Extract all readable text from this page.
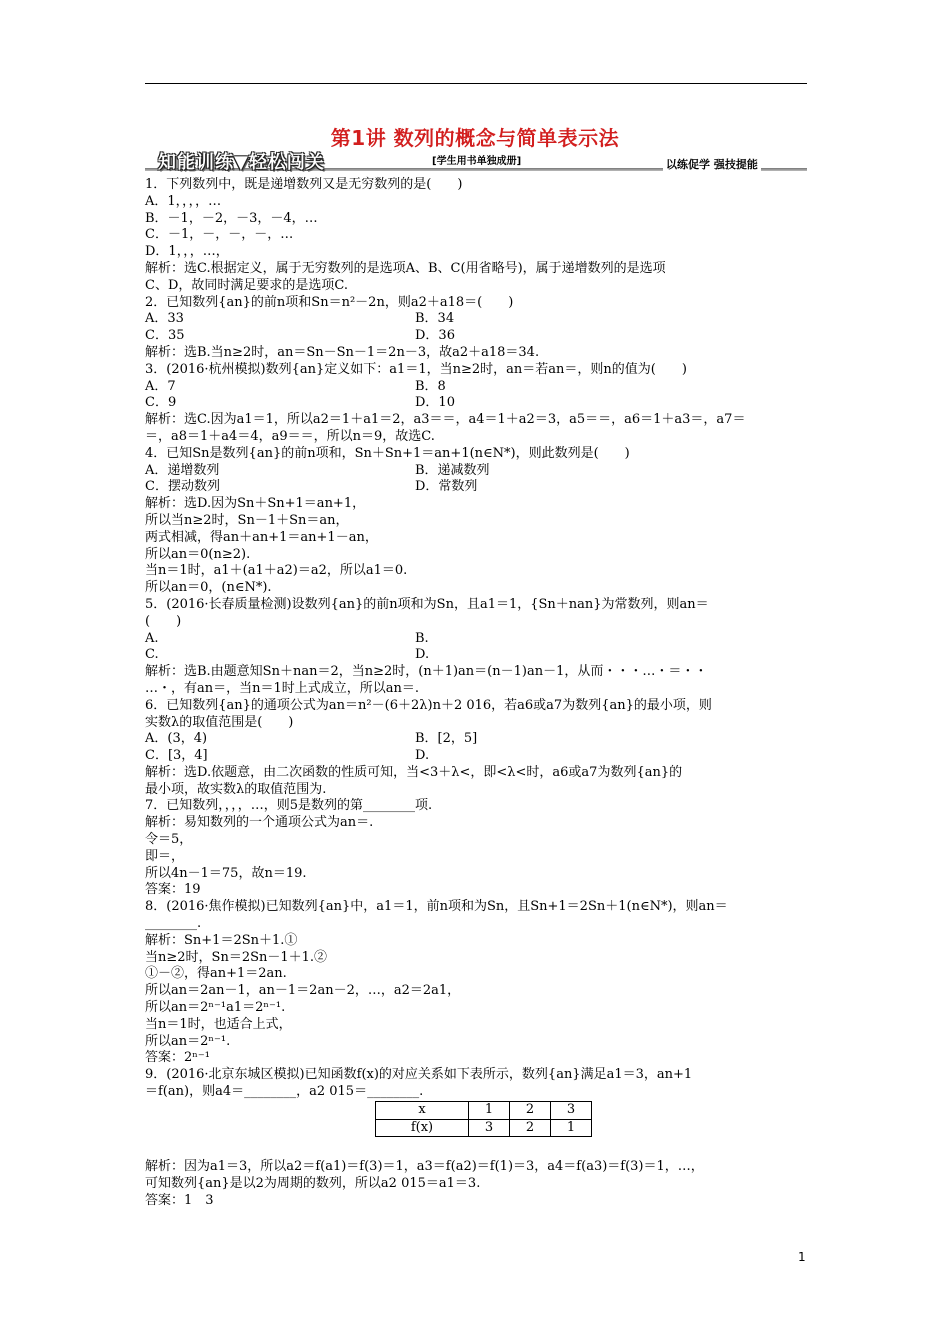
第1讲 数列的概念与简单表示法
知能训练▼轻松闯关	[学生用书单独成册]	以练促学 强技提能
1．下列数列中，既是递增数列又是无穷数列的是(　　)
A．1，，，，…
B．－1，－2，－3，－4，…
C．－1，－，－，－，…
D．1，，，…，
解析：选C.根据定义，属于无穷数列的是选项A、B、C(用省略号)，属于递增数列的是选项
C、D，故同时满足要求的是选项C.
2．已知数列{an}的前n项和Sn＝n²－2n，则a2＋a18＝(　　)
A．33	B．34
C．35	D．36
解析：选B.当n≥2时，an＝Sn－Sn－1＝2n－3，故a2＋a18＝34.
3．(2016·杭州模拟)数列{an}定义如下：a1＝1，当n≥2时，an＝若an＝，则n的值为(　　)
A．7	B．8
C．9	D．10
解析：选C.因为a1＝1，所以a2＝1＋a1＝2，a3＝＝，a4＝1＋a2＝3，a5＝＝，a6＝1＋a3＝，a7＝
＝，a8＝1＋a4＝4，a9＝＝，所以n＝9，故选C.
4．已知Sn是数列{an}的前n项和，Sn＋Sn+1＝an+1(n∈N*)，则此数列是(　　)
A．递增数列	B．递减数列
C．摆动数列	D．常数列
解析：选D.因为Sn＋Sn+1＝an+1，
所以当n≥2时，Sn－1＋Sn＝an，
两式相减，得an＋an+1＝an+1－an，
所以an＝0(n≥2).
当n＝1时，a1＋(a1＋a2)＝a2，所以a1＝0.
所以an＝0，(n∈N*).
5．(2016·长春质量检测)设数列{an}的前n项和为Sn，且a1＝1，{Sn＋nan}为常数列，则an＝
(　　)
A.	B.
C.	D.
解析：选B.由题意知Sn＋nan＝2，当n≥2时，(n＋1)an＝(n－1)an－1，从而・・・…・＝・・
…・，有an＝，当n＝1时上式成立，所以an＝.
6．已知数列{an}的通项公式为an＝n²－(6＋2λ)n＋2 016，若a6或a7为数列{an}的最小项，则
实数λ的取值范围是(　　)
A．(3，4)	B．[2，5]
C．[3，4]	D.
解析：选D.依题意，由二次函数的性质可知，当<3＋λ<，即<λ<时，a6或a7为数列{an}的
最小项，故实数λ的取值范围为.
7．已知数列，，，，…，则5是数列的第________项.
解析：易知数列的一个通项公式为an＝.
令＝5，
即＝，
所以4n－1＝75，故n＝19.
答案：19
8．(2016·焦作模拟)已知数列{an}中，a1＝1，前n项和为Sn，且Sn+1＝2Sn＋1(n∈N*)，则an＝
________.
解析：Sn+1＝2Sn＋1.①
当n≥2时，Sn＝2Sn－1＋1.②
①－②，得an+1＝2an.
所以an＝2an－1，an－1＝2an－2，…，a2＝2a1，
所以an＝2ⁿ⁻¹a1＝2ⁿ⁻¹.
当n＝1时，也适合上式，
所以an＝2ⁿ⁻¹.
答案：2ⁿ⁻¹
9．(2016·北京东城区模拟)已知函数f(x)的对应关系如下表所示，数列{an}满足a1＝3，an+1
＝f(an)，则a4＝________，a2 015＝________.
x	1	2	3
f(x)	3	2	1
解析：因为a1＝3，所以a2＝f(a1)＝f(3)＝1，a3＝f(a2)＝f(1)＝3，a4＝f(a3)＝f(3)＝1，…，
可知数列{an}是以2为周期的数列，所以a2 015＝a1＝3.
答案：1　3
1
